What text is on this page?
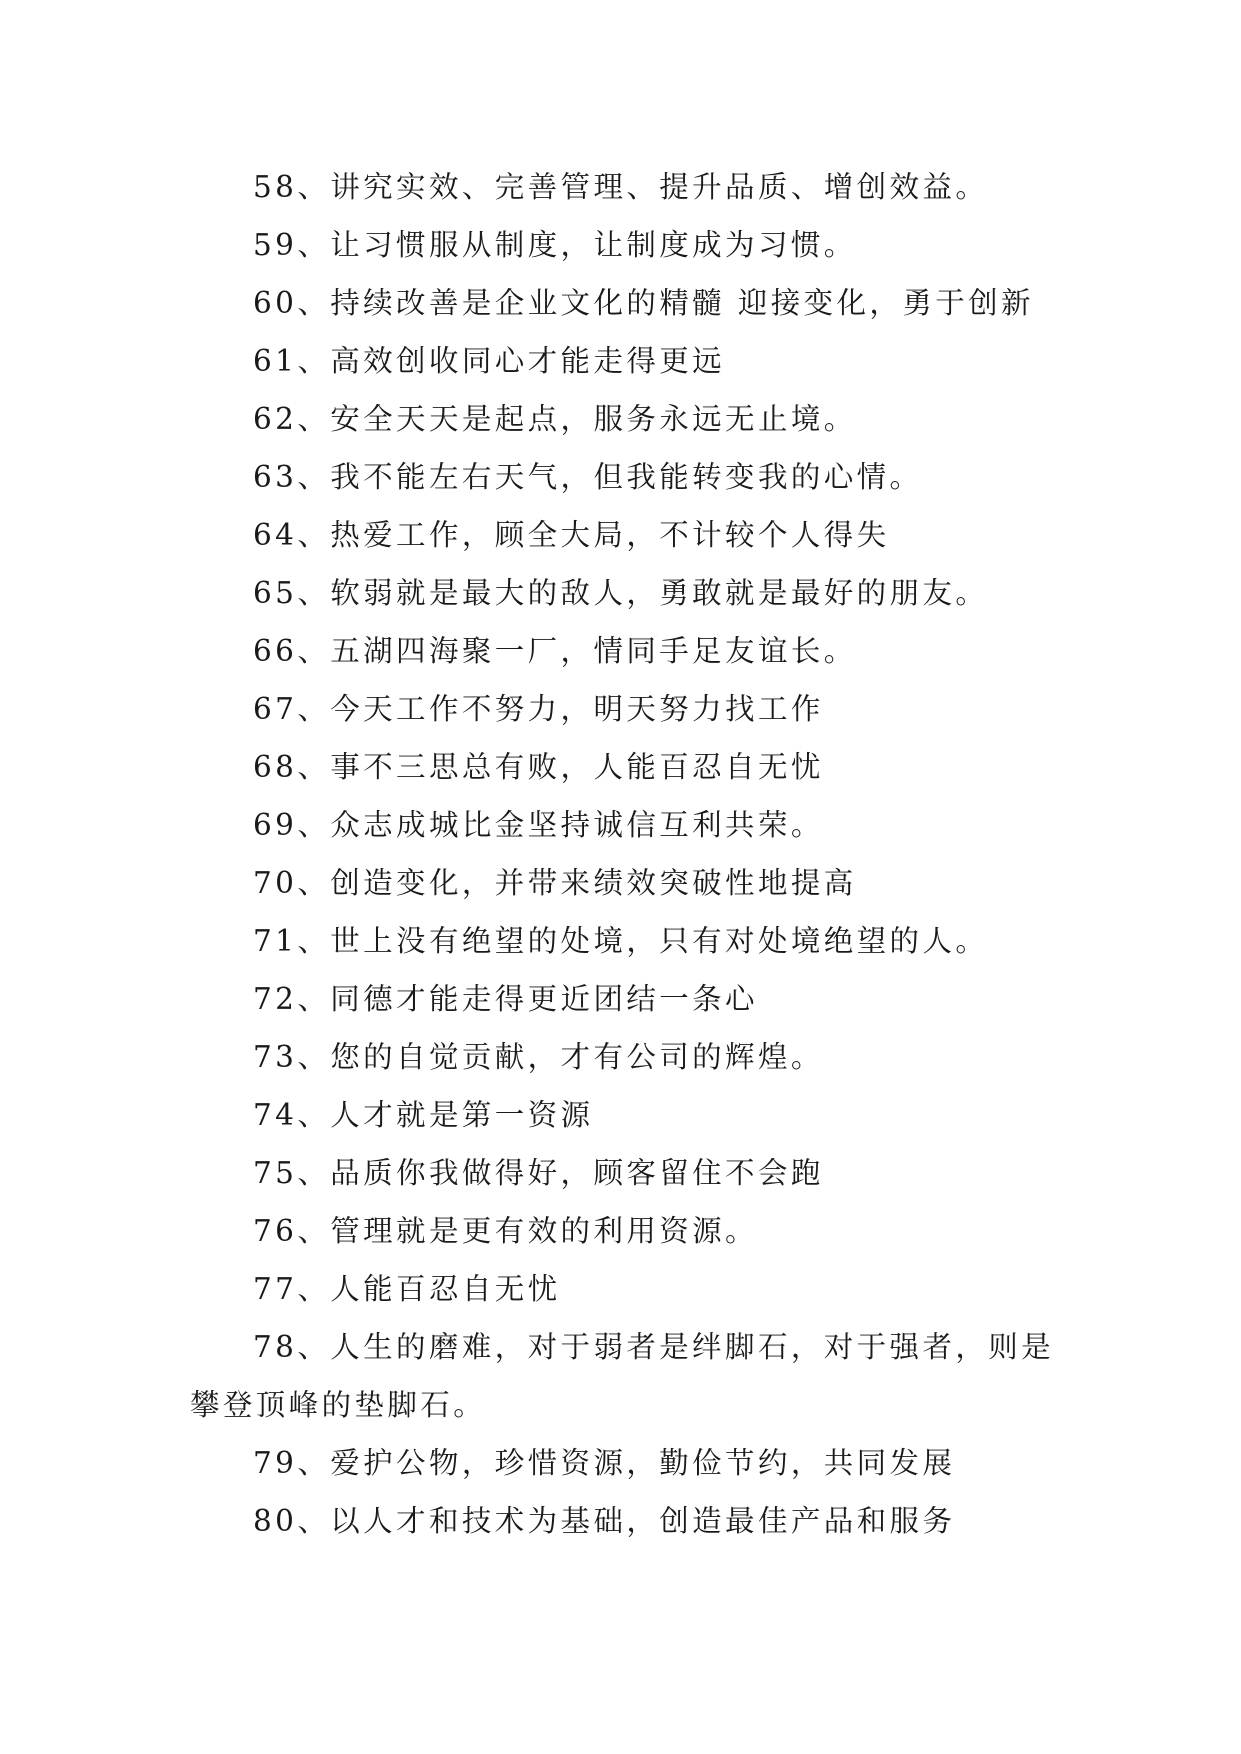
58、讲究实效、完善管理、提升品质、增创效益。

59、让习惯服从制度，让制度成为习惯。

60、持续改善是企业文化的精髓 迎接变化，勇于创新

61、高效创收同心才能走得更远

62、安全天天是起点，服务永远无止境。

63、我不能左右天气，但我能转变我的心情。

64、热爱工作，顾全大局，不计较个人得失

65、软弱就是最大的敌人，勇敢就是最好的朋友。

66、五湖四海聚一厂，情同手足友谊长。

67、今天工作不努力，明天努力找工作

68、事不三思总有败，人能百忍自无忧

69、众志成城比金坚持诚信互利共荣。

70、创造变化，并带来绩效突破性地提高

71、世上没有绝望的处境，只有对处境绝望的人。

72、同德才能走得更近团结一条心

73、您的自觉贡献，才有公司的辉煌。

74、人才就是第一资源

75、品质你我做得好，顾客留住不会跑

76、管理就是更有效的利用资源。

77、人能百忍自无忧

78、人生的磨难，对于弱者是绊脚石，对于强者，则是攀登顶峰的垫脚石。

79、爱护公物，珍惜资源，勤俭节约，共同发展

80、以人才和技术为基础，创造最佳产品和服务
